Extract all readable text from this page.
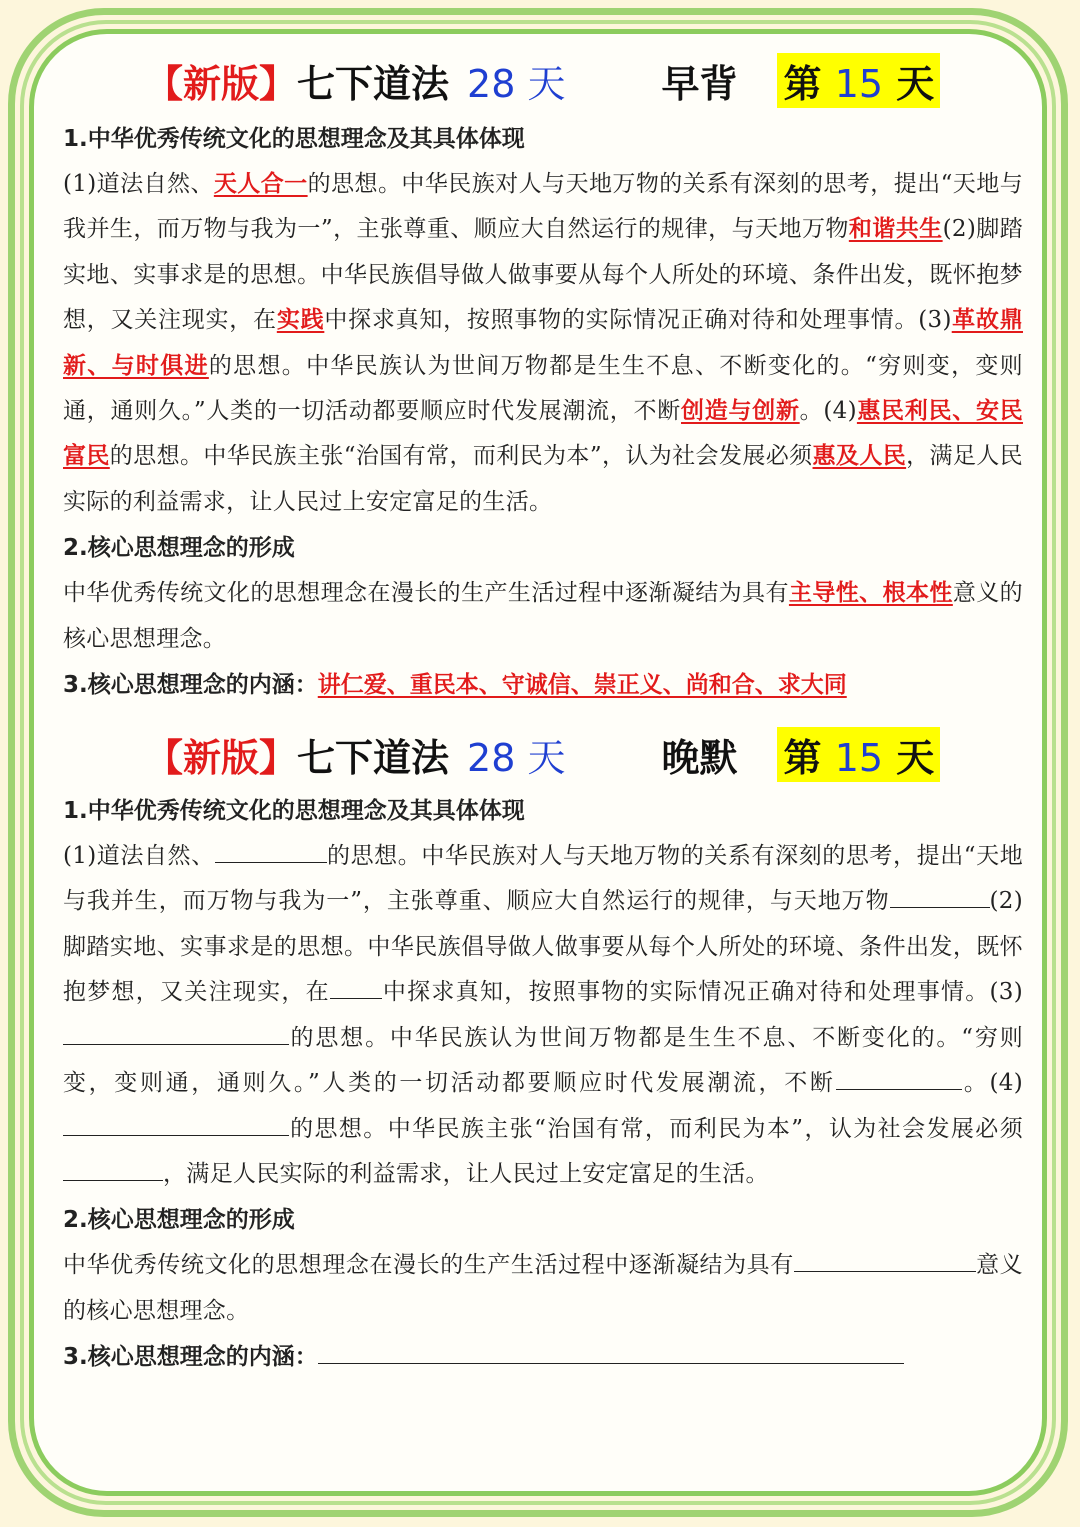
【新版】 七下道法 28 天	早背 第 15 天
1.中华优秀传统文化的思想理念及其具体体现
(1)道法自然、天人合一的思想。中华民族对人与天地万物的关系有深刻的思考，提出“天地与我并生，而万物与我为一”，主张尊重、顺应大自然运行的规律，与天地万物和谐共生(2)脚踏实地、实事求是的思想。中华民族倡导做人做事要从每个人所处的环境、条件出发，既怀抱梦想，又关注现实，在实践中探求真知，按照事物的实际情况正确对待和处理事情。(3)革故鼎新、与时俱进的思想。中华民族认为世间万物都是生生不息、不断变化的。“穷则变，变则通，通则久。”人类的一切活动都要顺应时代发展潮流，不断创造与创新。(4)惠民利民、安民富民的思想。中华民族主张“治国有常，而利民为本”，认为社会发展必须惠及人民，满足人民实际的利益需求，让人民过上安定富足的生活。
2.核心思想理念的形成
中华优秀传统文化的思想理念在漫长的生产生活过程中逐渐凝结为具有主导性、根本性意义的核心思想理念。
3.核心思想理念的内涵：讲仁爱、重民本、守诚信、崇正义、尚和合、求大同
【新版】 七下道法 28 天	晚默 第 15 天
1.中华优秀传统文化的思想理念及其具体体现
(1)道法自然、	的思想。中华民族对人与天地万物的关系有深刻的思考，提出“天地与我并生，而万物与我为一”，主张尊重、顺应大自然运行的规律，与天地万物	(2)脚踏实地、实事求是的思想。中华民族倡导做人做事要从每个人所处的环境、条件出发，既怀抱梦想，又关注现实，在 中探求真知，按照事物的实际情况正确对待和处理事情。(3)的思想。中华民族认为世间万物都是生生不息、不断变化的。“穷则变，变则通，通则久。”人类的一切活动都要顺应时代发展潮流，不断	。(4)的思想。中华民族主张“治国有常，而利民为本”，认为社会发展必须，满足人民实际的利益需求，让人民过上安定富足的生活。
2.核心思想理念的形成
中华优秀传统文化的思想理念在漫长的生产生活过程中逐渐凝结为具有	意义的核心思想理念。
3.核心思想理念的内涵：
